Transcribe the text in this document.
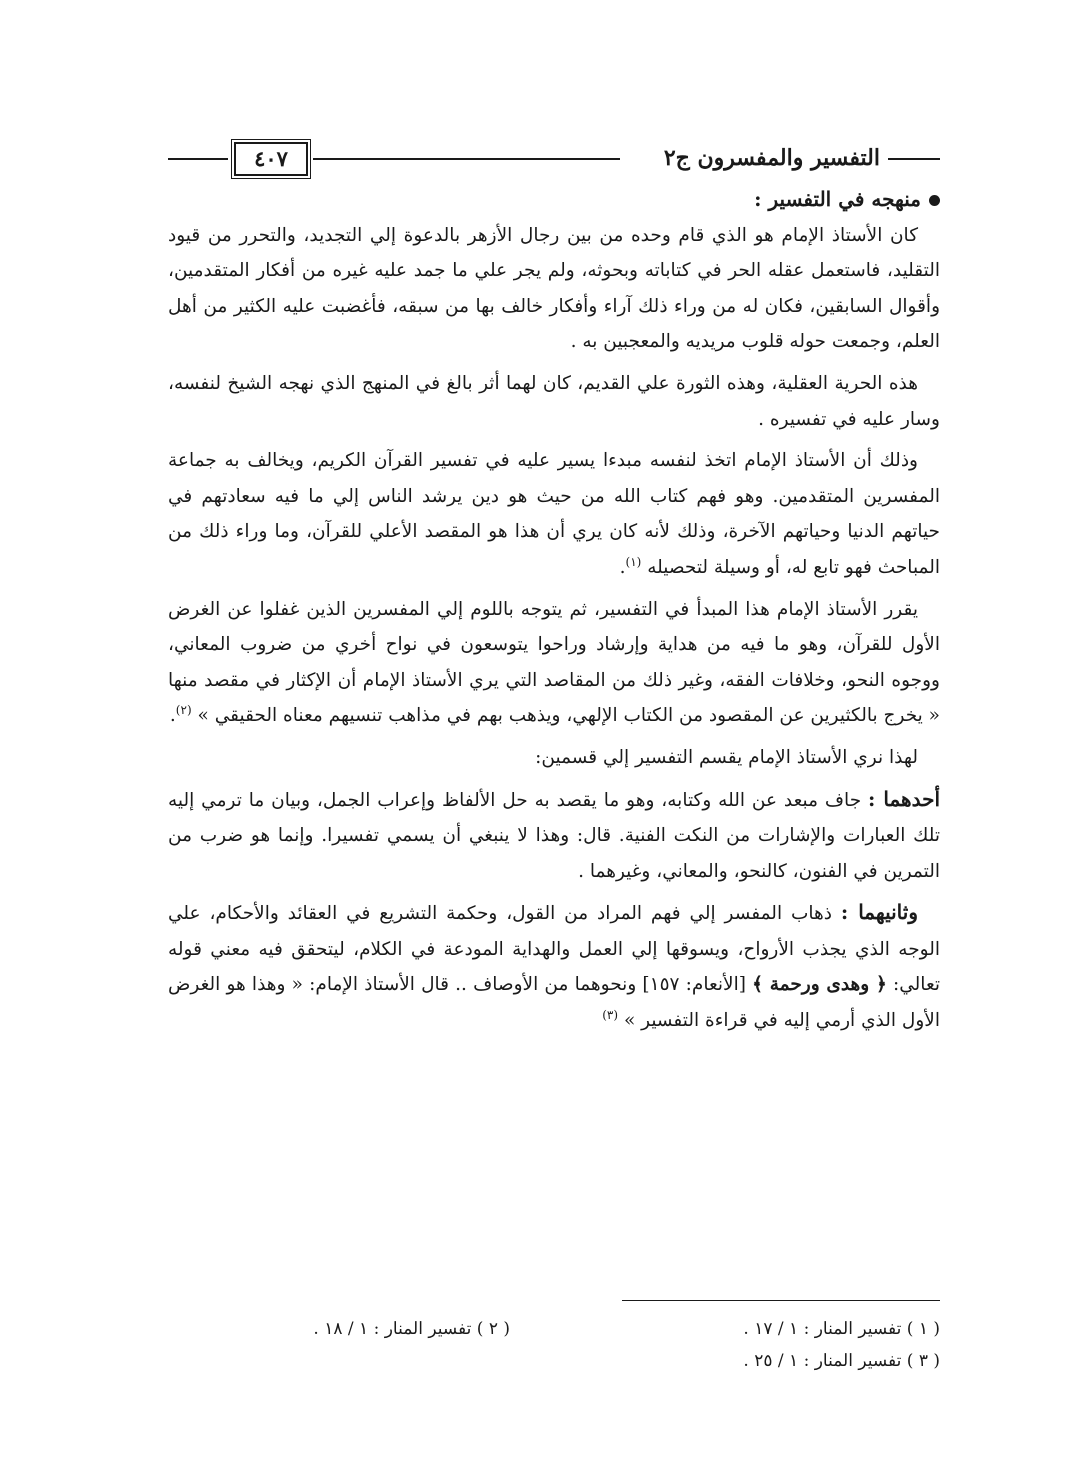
التفسير والمفسرون ج٢
٤٠٧

منهجه في التفسير :

كان الأستاذ الإمام هو الذي قام وحده من بين رجال الأزهر بالدعوة إلي التجديد، والتحرر من قيود التقليد، فاستعمل عقله الحر في كتاباته وبحوثه، ولم يجر علي ما جمد عليه غيره من أفكار المتقدمين، وأقوال السابقين، فكان له من وراء ذلك آراء وأفكار خالف بها من سبقه، فأغضبت عليه الكثير من أهل العلم، وجمعت حوله قلوب مريديه والمعجبين به .

هذه الحرية العقلية، وهذه الثورة علي القديم، كان لهما أثر بالغ في المنهج الذي نهجه الشيخ لنفسه، وسار عليه في تفسيره .

وذلك أن الأستاذ الإمام اتخذ لنفسه مبدءا يسير عليه في تفسير القرآن الكريم، ويخالف به جماعة المفسرين المتقدمين. وهو فهم كتاب الله من حيث هو دين يرشد الناس إلي ما فيه سعادتهم في حياتهم الدنيا وحياتهم الآخرة، وذلك لأنه كان يري أن هذا هو المقصد الأعلي للقرآن، وما وراء ذلك من المباحث فهو تابع له، أو وسيلة لتحصيله $^{(١)}$.

يقرر الأستاذ الإمام هذا المبدأ في التفسير، ثم يتوجه باللوم إلي المفسرين الذين غفلوا عن الغرض الأول للقرآن، وهو ما فيه من هداية وإرشاد وراحوا يتوسعون في نواح أخري من ضروب المعاني، ووجوه النحو، وخلافات الفقه، وغير ذلك من المقاصد التي يري الأستاذ الإمام أن الإكثار في مقصد منها « يخرج بالكثيرين عن المقصود من الكتاب الإلهي، ويذهب بهم في مذاهب تنسيهم معناه الحقيقي » $^{(٢)}$.

لهذا نري الأستاذ الإمام يقسم التفسير إلي قسمين:

أحدهما : جاف مبعد عن الله وكتابه، وهو ما يقصد به حل الألفاظ وإعراب الجمل، وبيان ما ترمي إليه تلك العبارات والإشارات من النكت الفنية. قال: وهذا لا ينبغي أن يسمي تفسيرا. وإنما هو ضرب من التمرين في الفنون، كالنحو، والمعاني، وغيرهما .

وثانيهما : ذهاب المفسر إلي فهم المراد من القول، وحكمة التشريع في العقائد والأحكام، علي الوجه الذي يجذب الأرواح، ويسوقها إلي العمل والهداية المودعة في الكلام، ليتحقق فيه معني قوله تعالي: ﴿ وهدى ورحمة ﴾ [الأنعام: ١٥٧] ونحوهما من الأوصاف .. قال الأستاذ الإمام: « وهذا هو الغرض الأول الذي أرمي إليه في قراءة التفسير » $^{(٣)}$

( ١ ) تفسير المنار : ١ / ١٧ .
( ٢ ) تفسير المنار : ١ / ١٨ .
( ٣ ) تفسير المنار : ١ / ٢٥ .
